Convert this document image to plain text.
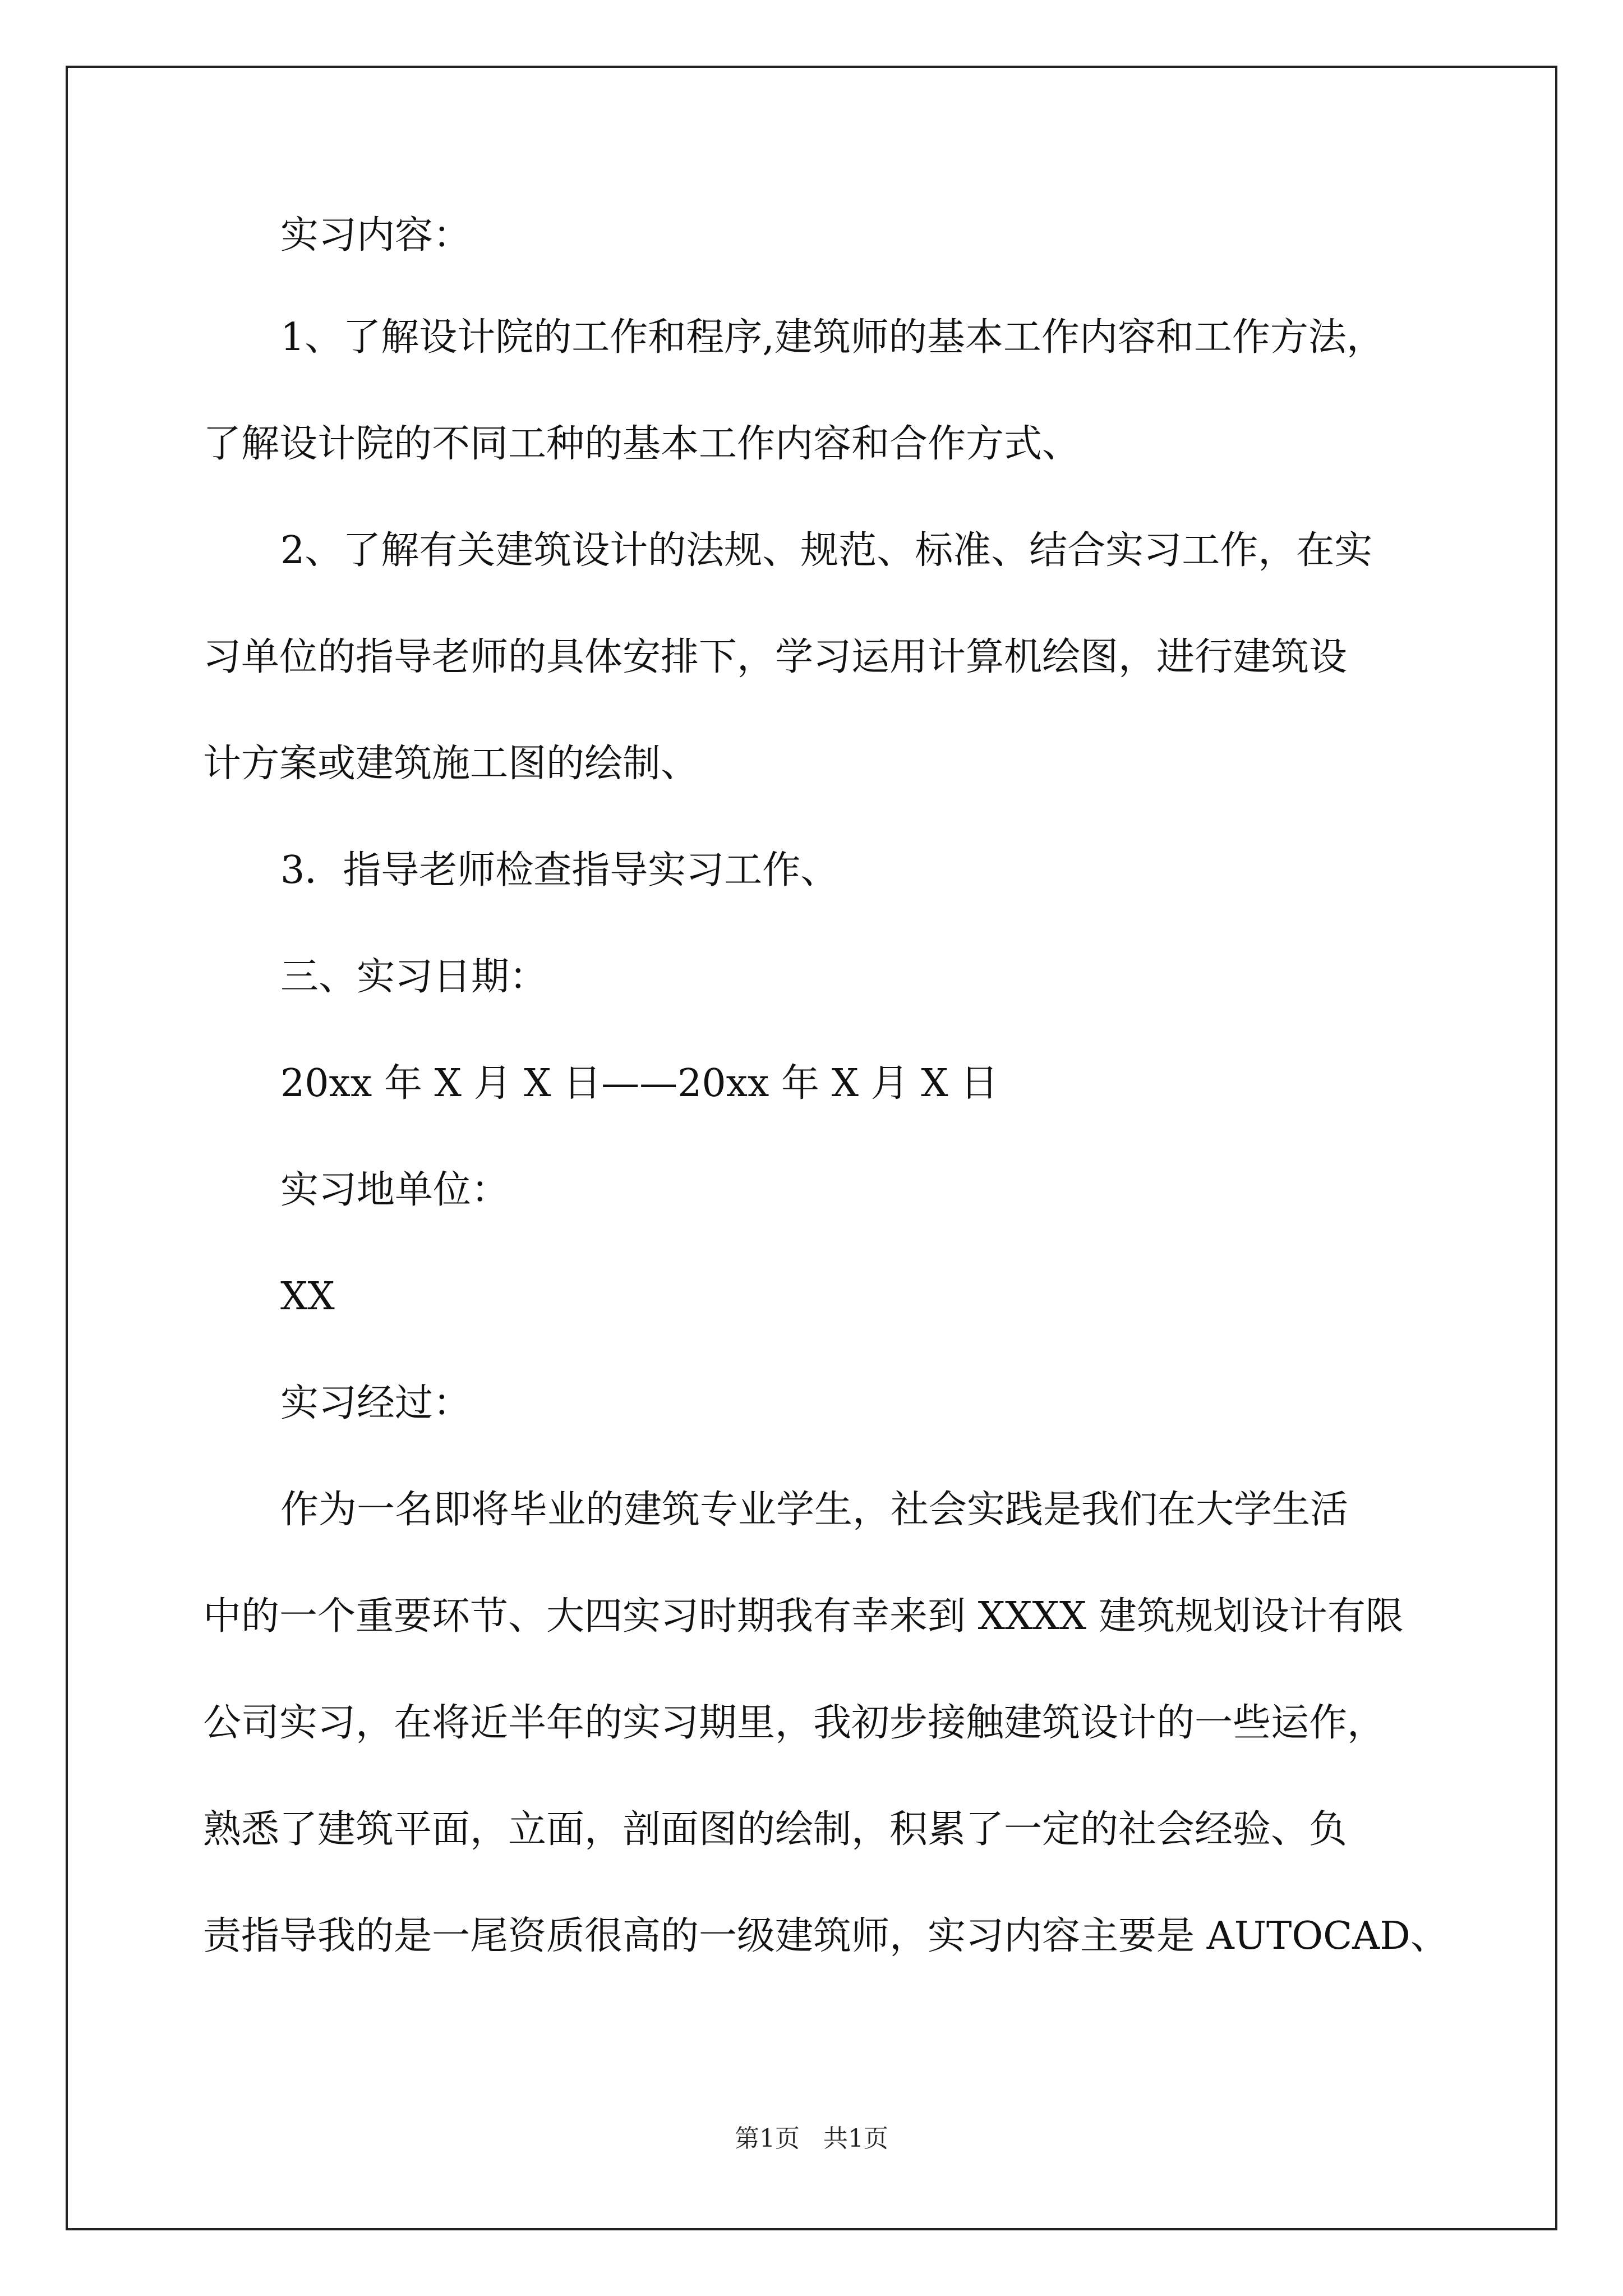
实习内容：
1、了解设计院的工作和程序,建筑师的基本工作内容和工作方法，
了解设计院的不同工种的基本工作内容和合作方式、
2、了解有关建筑设计的法规、规范、标准、结合实习工作，在实
习单位的指导老师的具体安排下，学习运用计算机绘图，进行建筑设
计方案或建筑施工图的绘制、
3．指导老师检查指导实习工作、
三、实习日期：
20xx 年 X 月 X 日——20xx 年 X 月 X 日
实习地单位：
XX
实习经过：
作为一名即将毕业的建筑专业学生，社会实践是我们在大学生活
中的一个重要环节、大四实习时期我有幸来到 XXXX 建筑规划设计有限
公司实习，在将近半年的实习期里，我初步接触建筑设计的一些运作，
熟悉了建筑平面，立面，剖面图的绘制，积累了一定的社会经验、负
责指导我的是一尾资质很高的一级建筑师，实习内容主要是 AUTOCAD、
第1页   共1页
